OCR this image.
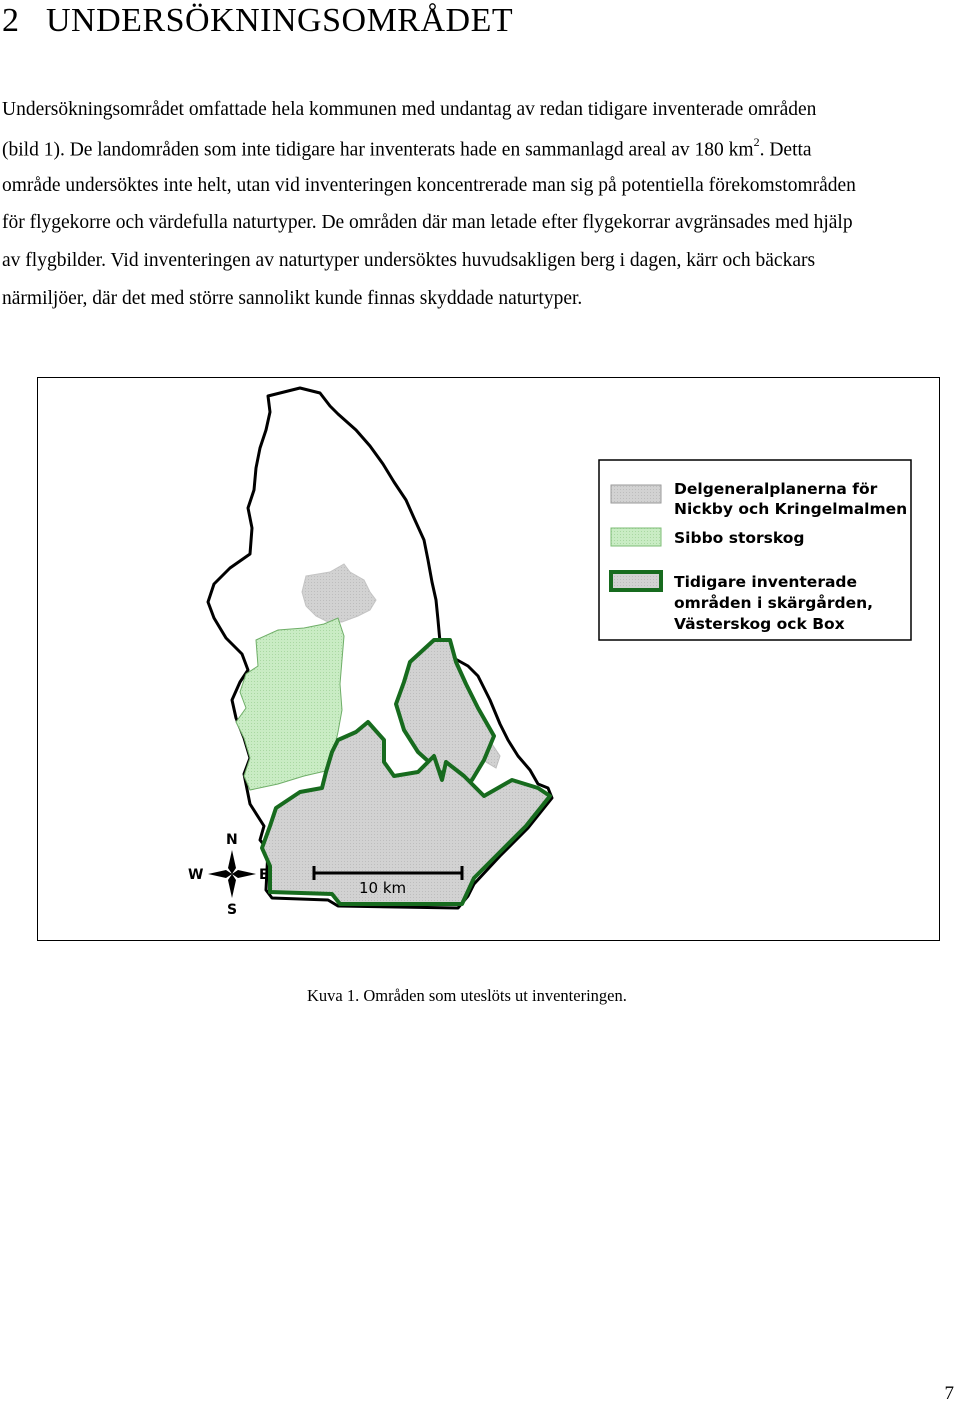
2 UNDERSÖKNINGSOMRÅDET

Undersökningsområdet omfattade hela kommunen med undantag av redan tidigare inventerade områden

(bild 1). De landområden som inte tidigare har inventerats hade en sammanlagd areal av 180 $km^2$. Detta

område undersöktes inte helt, utan vid inventeringen koncentrerade man sig på potentiella förekomstområden

för flygekorre och värdefulla naturtyper. De områden där man letade efter flygekorrar avgränsades med hjälp

av flygbilder. Vid inventeringen av naturtyper undersöktes huvudsakligen berg i dagen, kärr och bäckars

närmiljöer, där det med större sannolikt kunde finnas skyddade naturtyper.

Delgeneralplanerna för
Nickby och Kringelmalmen
Sibbo storskog
Tidigare inventerade
områden i skärgården,
Västerskog ock Box
N
S
E
W
10 km
Kuva 1. Områden som uteslöts ut inventeringen.
7
